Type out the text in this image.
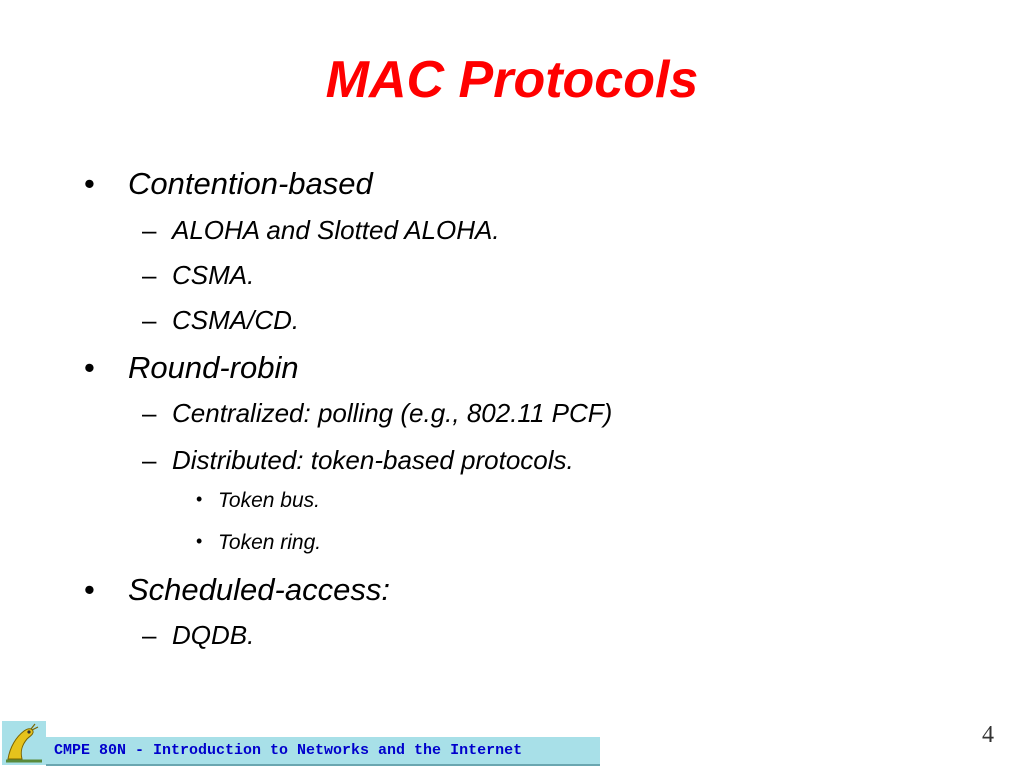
MAC Protocols
• Contention-based
– ALOHA and Slotted ALOHA.
– CSMA.
– CSMA/CD.
• Round-robin
– Centralized: polling (e.g., 802.11 PCF)
– Distributed: token-based protocols.
• Token bus.
• Token ring.
• Scheduled-access:
– DQDB.
CMPE 80N - Introduction to Networks and the Internet
4
